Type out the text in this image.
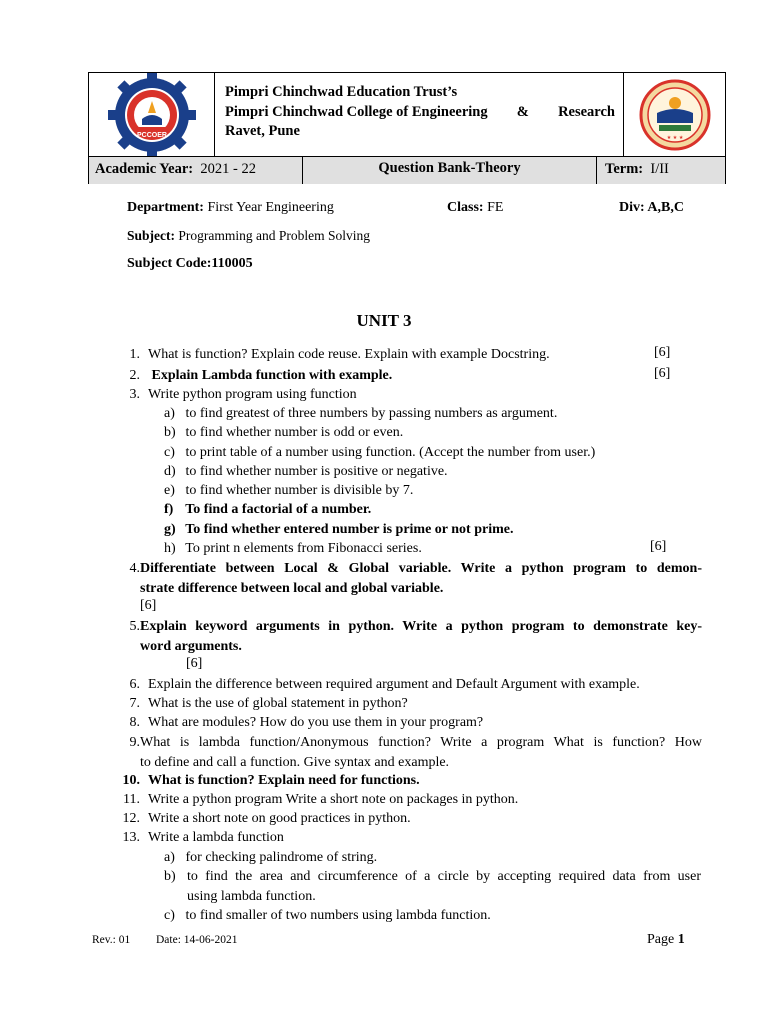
PCCOER
Pimpri Chinchwad Education Trust’s
Pimpri Chinchwad College of Engineering & Research
Ravet, Pune	★ ★ ★
Academic Year: 2021 - 22	Question Bank-Theory	Term: I/II
Department: First Year Engineering	Class: FE	Div: A,B,C
Subject: Programming and Problem Solving
Subject Code:110005
UNIT 3
1. What is function? Explain code reuse. Explain with example Docstring.	[6]
2. Explain Lambda function with example.	[6]
3. Write python program using function
a) to find greatest of three numbers by passing numbers as argument.
b) to find whether number is odd or even.
c) to print table of a number using function. (Accept the number from user.)
d) to find whether number is positive or negative.
e) to find whether number is divisible by 7.
f) To find a factorial of a number.
g) To find whether entered number is prime or not prime.
h) To print n elements from Fibonacci series.	[6]
4. Differentiate between Local & Global variable. Write a python program to demon-
strate difference between local and global variable.
[6]
5. Explain keyword arguments in python. Write a python program to demonstrate key-
word arguments.
[6]
6. Explain the difference between required argument and Default Argument with example.
7. What is the use of global statement in python?
8. What are modules? How do you use them in your program?
9. What is lambda function/Anonymous function? Write a program What is function? How
to define and call a function. Give syntax and example.
10. What is function? Explain need for functions.
11. Write a python program Write a short note on packages in python.
12. Write a short note on good practices in python.
13. Write a lambda function
a) for checking palindrome of string.
b) to find the area and circumference of a circle by accepting required data from user
using lambda function.
c) to find smaller of two numbers using lambda function.
Rev.: 01 Date: 14-06-2021	Page 1
